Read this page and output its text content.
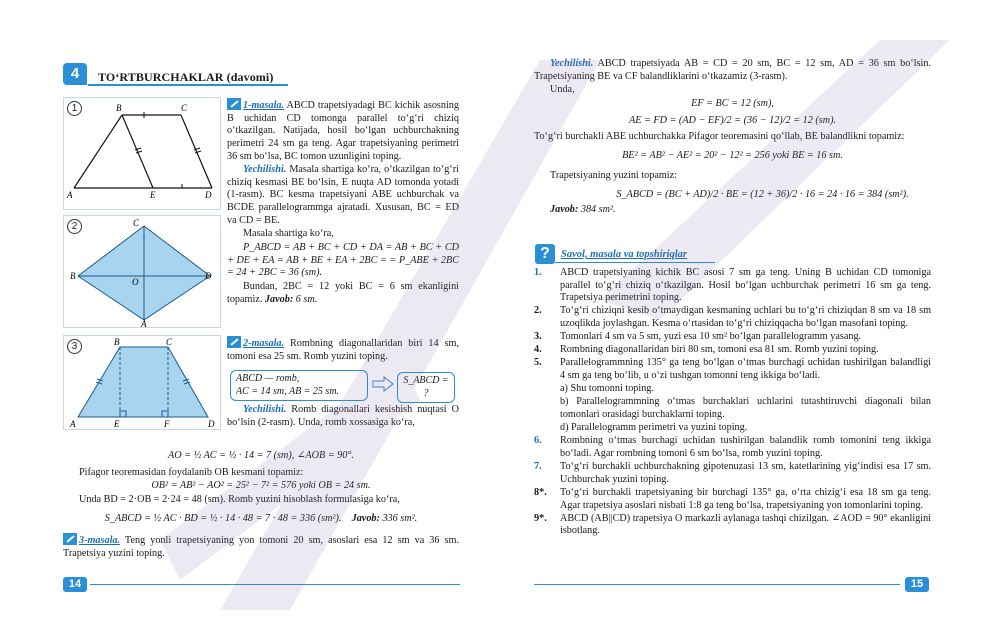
4	TO‘RTBURCHAKLAR (davomi)
1
A
B	C
D
E
2	C
B	D
O
A
3	B	C
A	E	F	D
1-masala. ABCD trapetsiyadagi BC kichik asosning B uchidan CD tomonga parallel to‘g‘ri chiziq o‘tkazilgan. Natijada, hosil bo‘lgan uchburchakning perimetri 24 sm ga teng. Agar trapetsiyaning perimetri 36 sm bo‘lsa, BC tomon uzunligini toping.
Yechilishi. Masala shartiga ko‘ra, o‘tkazilgan to‘g‘ri chiziq kesmasi BE bo‘lsin, E nuqta AD tomonda yotadi (1-rasm). BC kesma trapetsiyani ABE uchburchak va BCDE parallelogrammga ajratadi. Xususan, BC = ED va CD = BE.
Masala shartiga ko‘ra,
P_ABCD = AB + BC + CD + DA = AB + BC + CD + DE + EA = AB + BE + EA + 2BC = = P_ABE + 2BC = 24 + 2BC = 36 (sm).
Bundan, 2BC = 12 yoki BC = 6 sm ekanligini topamiz. Javob: 6 sm.
2-masala. Rombning diagonallaridan biri 14 sm, tomoni esa 25 sm. Romb yuzini toping.
ABCD — romb,
AC = 14 sm, AB = 25 sm.
S_ABCD = ?
Yechilishi. Romb diagonallari kesishish nuqtasi O bo‘lsin (2-rasm). Unda, romb xossasiga ko‘ra,
AO = ½ AC = ½ · 14 = 7 (sm), ∠AOB = 90°.
Pifagor teoremasidan foydalanib OB kesmani topamiz:
OB² = AB² − AO² = 25² − 7² = 576 yoki OB = 24 sm.
Unda BD = 2·OB = 2·24 = 48 (sm). Romb yuzini hisoblash formulasiga ko‘ra,
S_ABCD = ½ AC · BD = ½ · 14 · 48 = 7 · 48 = 336 (sm²). Javob: 336 sm².
3-masala. Teng yonli trapetsiyaning yon tomoni 20 sm, asoslari esa 12 sm va 36 sm. Trapetsiya yuzini toping.
14
Yechilishi. ABCD trapetsiyada AB = CD = 20 sm, BC = 12 sm, AD = 36 sm bo‘lsin. Trapetsiyaning BE va CF balandliklarini o‘tkazamiz (3-rasm).
Unda,
EF = BC = 12 (sm),
AE = FD = (AD − EF)/2 = (36 − 12)/2 = 12 (sm).
To‘g‘ri burchakli ABE uchburchakka Pifagor teoremasini qo‘llab, BE balandlikni topamiz:
BE² = AB² − AE² = 20² − 12² = 256 yoki BE = 16 sm.
Trapetsiyaning yuzini topamiz:
S_ABCD = (BC + AD)/2 · BE = (12 + 36)/2 · 16 = 24 · 16 = 384 (sm²).
Javob: 384 sm².
?	Savol, masala va topshiriqlar
1.	ABCD trapetsiyaning kichik BC asosi 7 sm ga teng. Uning B uchidan CD tomoniga parallel to‘g‘ri chiziq o‘tkazilgan. Hosil bo‘lgan uchburchak perimetri 16 sm ga teng. Trapetsiya perimetrini toping.
2.	To‘g‘ri chiziqni kesib o‘tmaydigan kesmaning uchlari bu to‘g‘ri chiziqdan 8 sm va 18 sm uzoqlikda joylashgan. Kesma o‘rtasidan to‘g‘ri chiziqqacha bo‘lgan masofani toping.
3.	Tomonlari 4 sm va 5 sm, yuzi esa 10 sm² bo‘lgan parallelogramm yasang.
4.	Rombning diagonallaridan biri 80 sm, tomoni esa 81 sm. Romb yuzini toping.
5.	Parallelogrammning 135° ga teng bo‘lgan o‘tmas burchagi uchidan tushirilgan balandligi 4 sm ga teng bo‘lib, u o‘zi tushgan tomonni teng ikkiga bo‘ladi.
a) Shu tomonni toping.
b) Parallelogrammning o‘tmas burchaklari uchlarini tutashtiruvchi diagonali bilan tomonlari orasidagi burchaklarni toping.
d) Parallelogramm perimetri va yuzini toping.
6.	Rombning o‘tmas burchagi uchidan tushirilgan balandlik romb tomonini teng ikkiga bo‘ladi. Agar rombning tomoni 6 sm bo‘lsa, romb yuzini toping.
7.	To‘g‘ri burchakli uchburchakning gipotenuzasi 13 sm, katetlarining yig‘indisi esa 17 sm. Uchburchak yuzini toping.
8*.	To‘g‘ri burchakli trapetsiyaning bir burchagi 135° ga, o‘rta chizig‘i esa 18 sm ga teng. Agar trapetsiya asoslari nisbati 1:8 ga teng bo‘lsa, trapetsiyaning yon tomonlarini toping.
9*.	ABCD (AB||CD) trapetsiya O markazli aylanaga tashqi chizilgan. ∠AOD = 90° ekanligini isbotlang.
15
